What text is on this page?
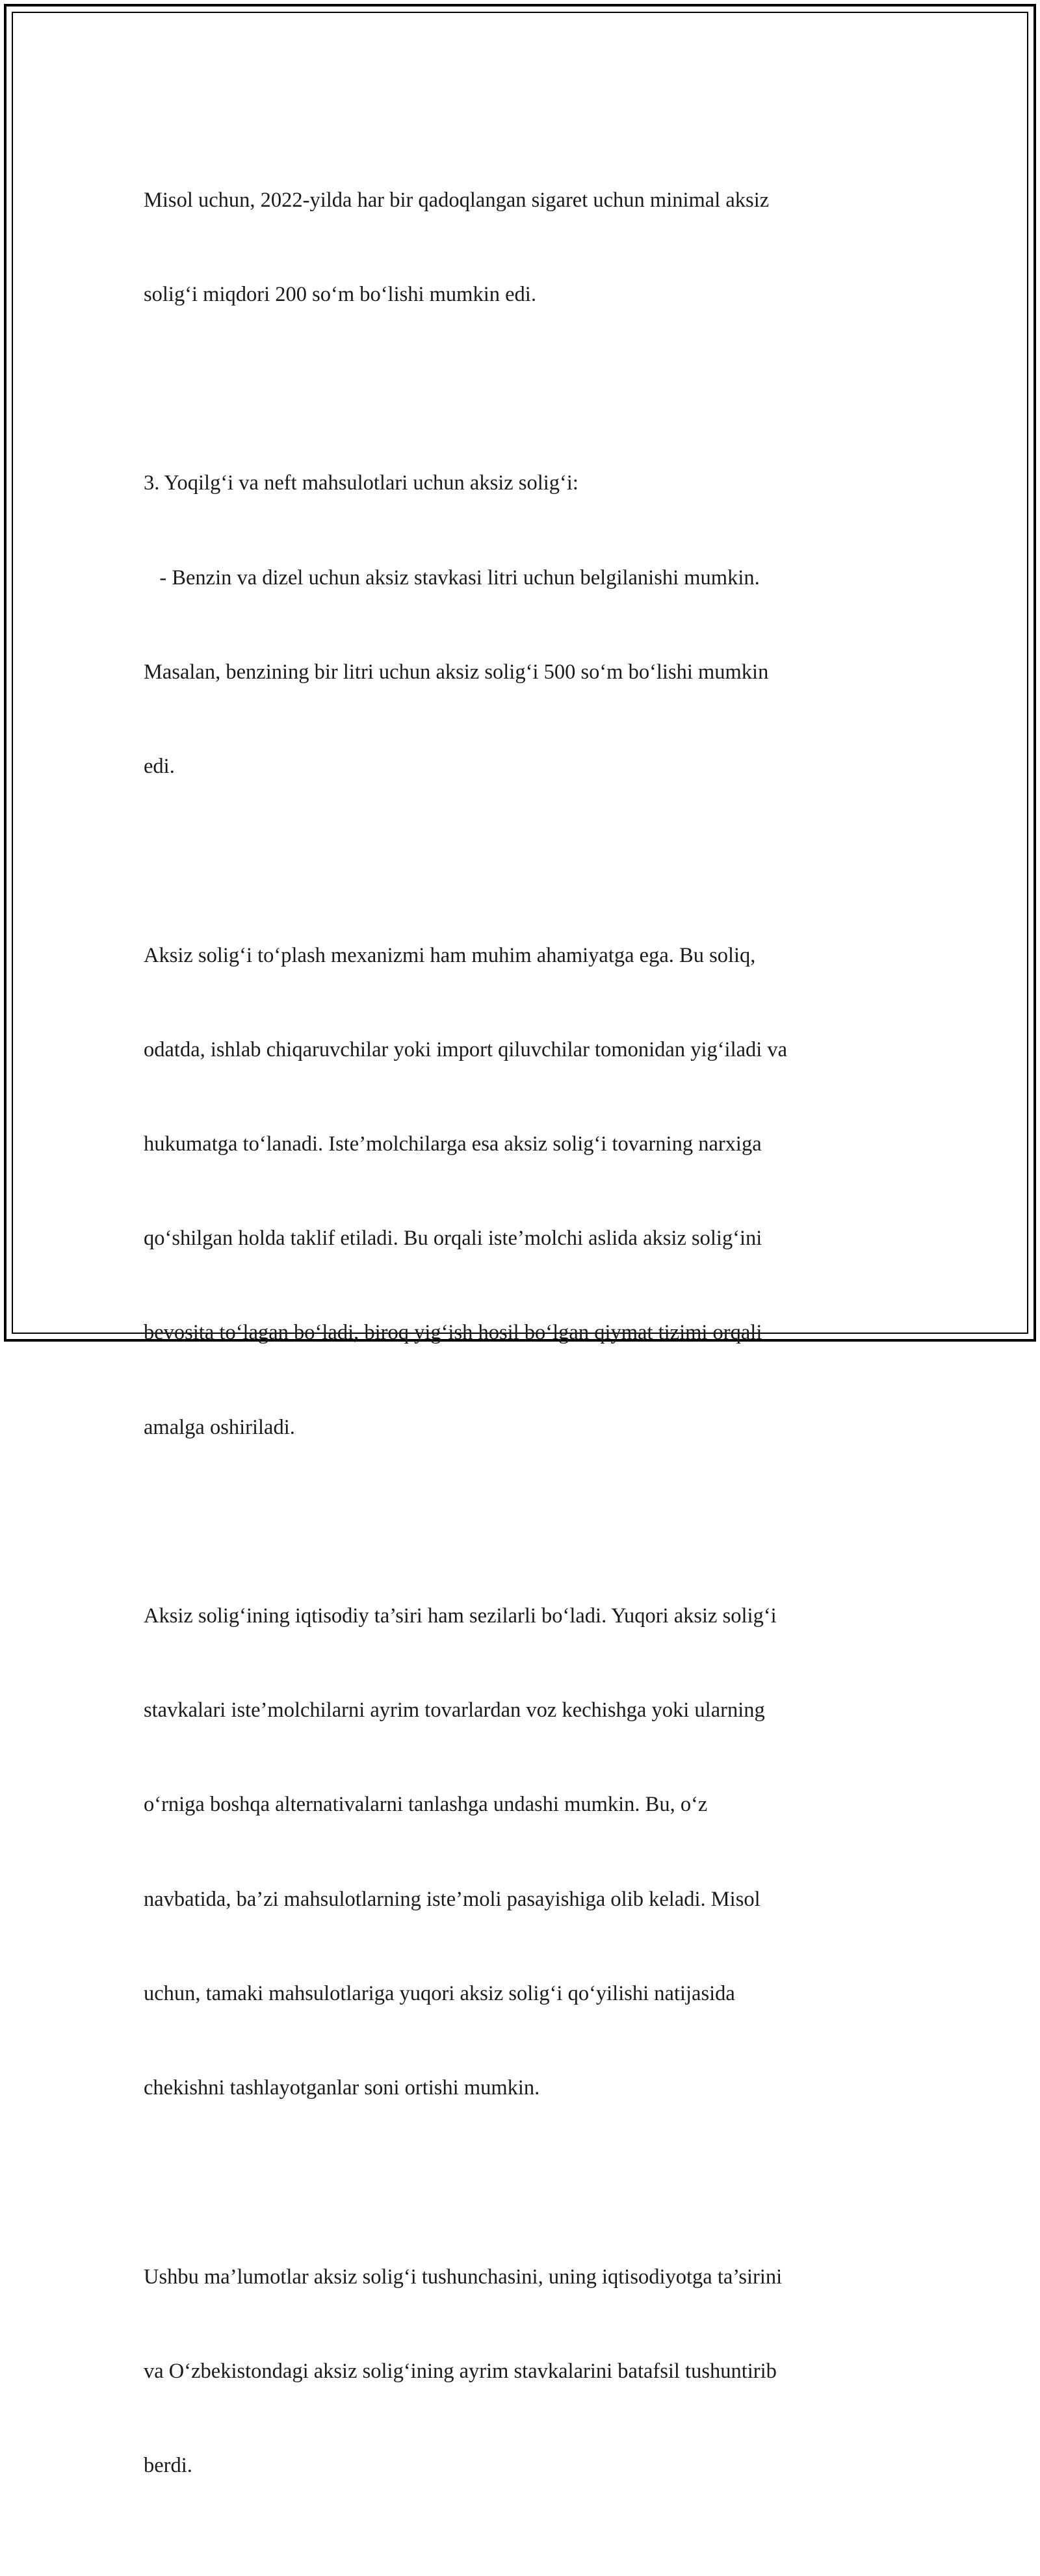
Misol uchun, 2022-yilda har bir qadoqlangan sigaret uchun minimal aksiz

solig‘i miqdori 200 so‘m bo‘lishi mumkin edi.

3. Yoqilg‘i va neft mahsulotlari uchun aksiz solig‘i:

- Benzin va dizel uchun aksiz stavkasi litri uchun belgilanishi mumkin.

Masalan, benzining bir litri uchun aksiz solig‘i 500 so‘m bo‘lishi mumkin

edi.

Aksiz solig‘i to‘plash mexanizmi ham muhim ahamiyatga ega. Bu soliq,

odatda, ishlab chiqaruvchilar yoki import qiluvchilar tomonidan yig‘iladi va

hukumatga to‘lanadi. Iste’molchilarga esa aksiz solig‘i tovarning narxiga

qo‘shilgan holda taklif etiladi. Bu orqali iste’molchi aslida aksiz solig‘ini

bevosita to‘lagan bo‘ladi, biroq yig‘ish hosil bo‘lgan qiymat tizimi orqali

amalga oshiriladi.

Aksiz solig‘ining iqtisodiy ta’siri ham sezilarli bo‘ladi. Yuqori aksiz solig‘i

stavkalari iste’molchilarni ayrim tovarlardan voz kechishga yoki ularning

o‘rniga boshqa alternativalarni tanlashga undashi mumkin. Bu, o‘z

navbatida, ba’zi mahsulotlarning iste’moli pasayishiga olib keladi. Misol

uchun, tamaki mahsulotlariga yuqori aksiz solig‘i qo‘yilishi natijasida

chekishni tashlayotganlar soni ortishi mumkin.

Ushbu ma’lumotlar aksiz solig‘i tushunchasini, uning iqtisodiyotga ta’sirini

va O‘zbekistondagi aksiz solig‘ining ayrim stavkalarini batafsil tushuntirib

berdi.
